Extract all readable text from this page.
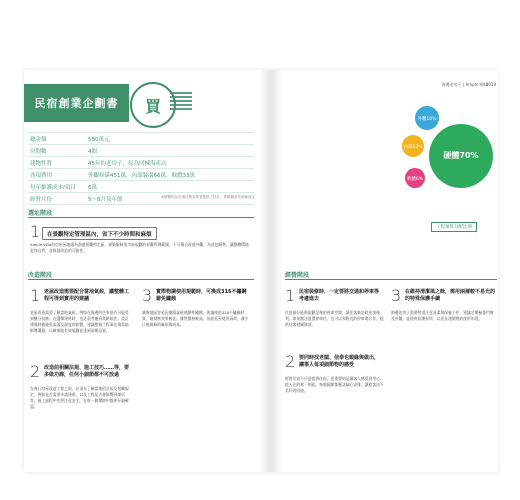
民宿創業企劃書	買
總金額	550萬元
房間數	4間
建物性質	45年的老房子，原為同棟海產店
各項費用	外觀修繕451萬、內部裝潢66萬、軟體33萬
每年維護成本/項目	6萬
經營月份	5～8月及年節	※總費用及各項比例為業者提供之估計，實際費用依個案而定
選址階段
1	在景觀特定管理區內，省下不少時間和麻煩
Ample Villa的房屋因地處為漁港景觀特定區，建築限制依市府規劃的景觀管理範圍，不可擅自改建外觀，為此也順勢，讓整體環境更加自然，並保留改造的可能性。
改造階段
1 老屋改造需要配合當地氣候，讓整體工程可得到實用的建議
老屋改造需要了解當地氣候，例如在海邊的住家很有可能受到鹽分侵蝕。在選擇建材時，也必須考慮到其耐候性。設計建築時應避免高溫及濕度的影響，建議整個工程事先與當地師傅溝通，以確保能有效規劃並達到預期品質。
2 改造前相關法規、施工技巧……等，要多做功課，任何小細節都不可放過
在進行房屋改造工程之前，必須先了解當地的法規及相關規定，例如是否需要申請建照，以及工程是否會影響到鄰居等。施工過程中也要注意安全，在每一個環節中都要仔細確認。
3 實際物調使用規範時，可換成316不鏽鋼避免鏽蝕
濱海地區容易因潮濕氣候使鐵件鏽蝕，建議使用316不鏽鋼材質，耐腐蝕效果較佳。雖然價格較高，但能延長使用壽命，減少日後維修的麻煩與成本。
海邊老房子 | Ample Villa
2019
硬體70%
外觀10%
內部12%
軟體6%
工程預算分配比例
經營階段
1 民宿裝修時，一定要將交通和停車等考慮進去
民宿最好能夠規劃足夠的停車空間，讓住客來訪時更加便利。如果無法設置停車位，也可以和附近的停車場合作，提供住客相關資訊。
2 要同時找老闆、信奉也順緣與做出，讓事人每項細節物的感受
經營民宿不只是提供住宿，更重要的是讓客人感受到用心。從入住的那一刻起，每個細節都應該細心安排，讓旅客留下美好的回憶。
3 在維持清潔風之餘，需用兩層較不易光的的特殊保護手續
海邊的房子需要特別注意清潔與保養工作，建議定期檢查門窗及外牆，並使用防潮材料，以延長建築物的使用年限。
